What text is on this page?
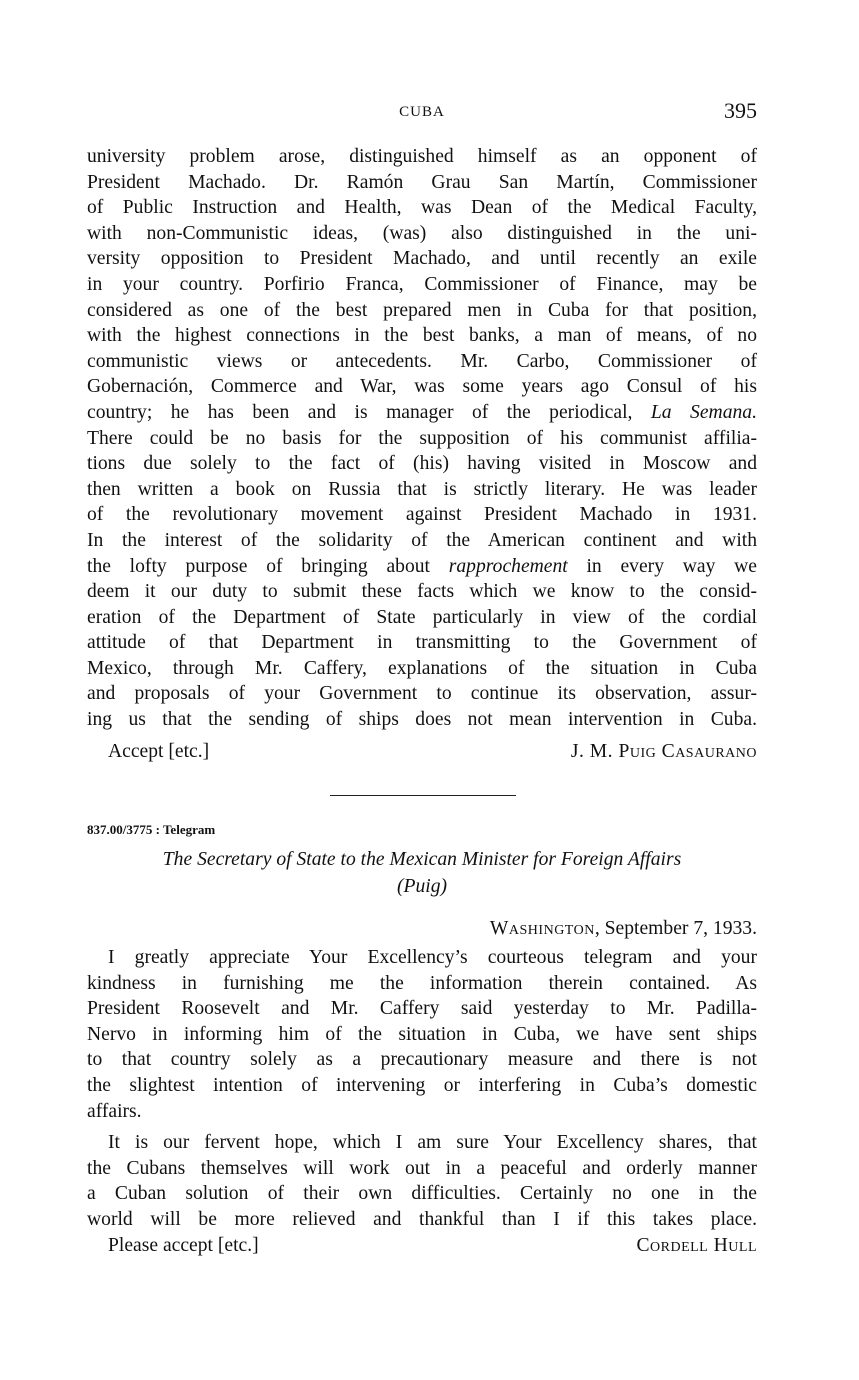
CUBA	395
university problem arose, distinguished himself as an opponent of
President Machado. Dr. Ramón Grau San Martín, Commissioner
of Public Instruction and Health, was Dean of the Medical Faculty,
with non-Communistic ideas, (was) also distinguished in the uni-
versity opposition to President Machado, and until recently an exile
in your country. Porfirio Franca, Commissioner of Finance, may be
considered as one of the best prepared men in Cuba for that position,
with the highest connections in the best banks, a man of means, of no
communistic views or antecedents. Mr. Carbo, Commissioner of
Gobernación, Commerce and War, was some years ago Consul of his
country; he has been and is manager of the periodical, La Semana.
There could be no basis for the supposition of his communist affilia-
tions due solely to the fact of (his) having visited in Moscow and
then written a book on Russia that is strictly literary. He was leader
of the revolutionary movement against President Machado in 1931.
In the interest of the solidarity of the American continent and with
the lofty purpose of bringing about rapprochement in every way we
deem it our duty to submit these facts which we know to the consid-
eration of the Department of State particularly in view of the cordial
attitude of that Department in transmitting to the Government of
Mexico, through Mr. Caffery, explanations of the situation in Cuba
and proposals of your Government to continue its observation, assur-
ing us that the sending of ships does not mean intervention in Cuba.
Accept [etc.]	J. M. Puig Casaurano
837.00/3775 : Telegram
The Secretary of State to the Mexican Minister for Foreign Affairs
(Puig)
Washington, September 7, 1933.
I greatly appreciate Your Excellency’s courteous telegram and your
kindness in furnishing me the information therein contained. As
President Roosevelt and Mr. Caffery said yesterday to Mr. Padilla-
Nervo in informing him of the situation in Cuba, we have sent ships
to that country solely as a precautionary measure and there is not
the slightest intention of intervening or interfering in Cuba’s domestic
affairs.
It is our fervent hope, which I am sure Your Excellency shares, that
the Cubans themselves will work out in a peaceful and orderly manner
a Cuban solution of their own difficulties. Certainly no one in the
world will be more relieved and thankful than I if this takes place.
Please accept [etc.]	Cordell Hull
